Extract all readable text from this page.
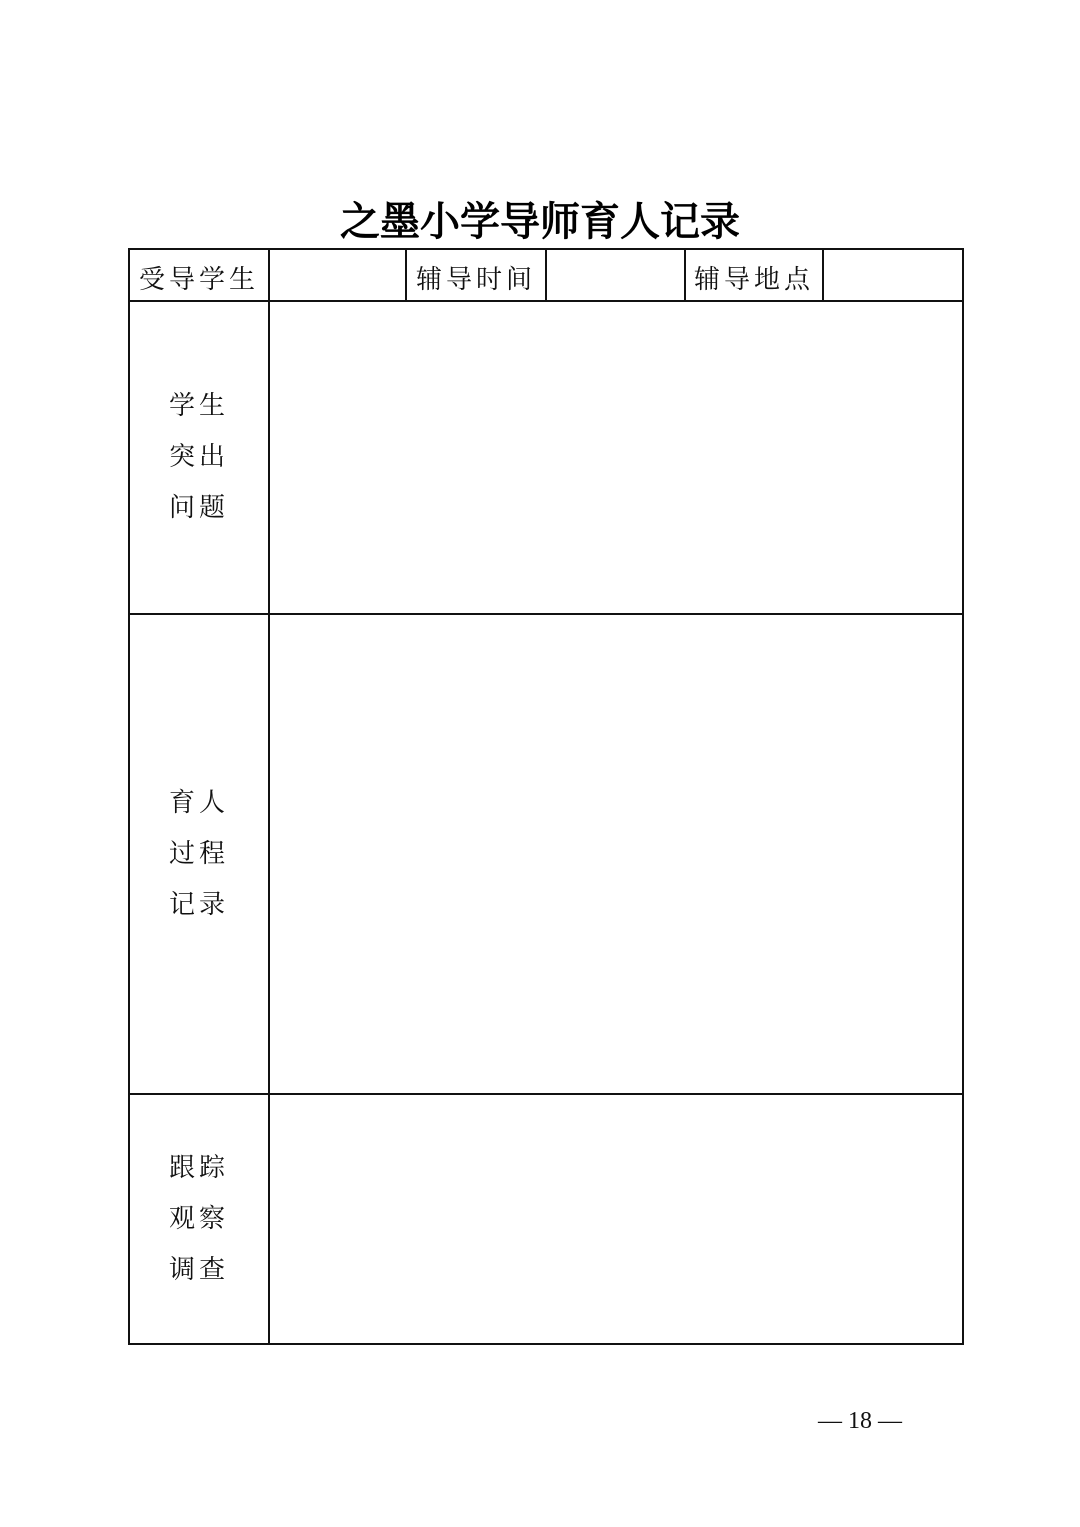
之墨小学导师育人记录
受导学生		辅导时间		辅导地点	

学生
突出
问题					

育人
过程
记录					

跟踪
观察
调查					

— 18 —
